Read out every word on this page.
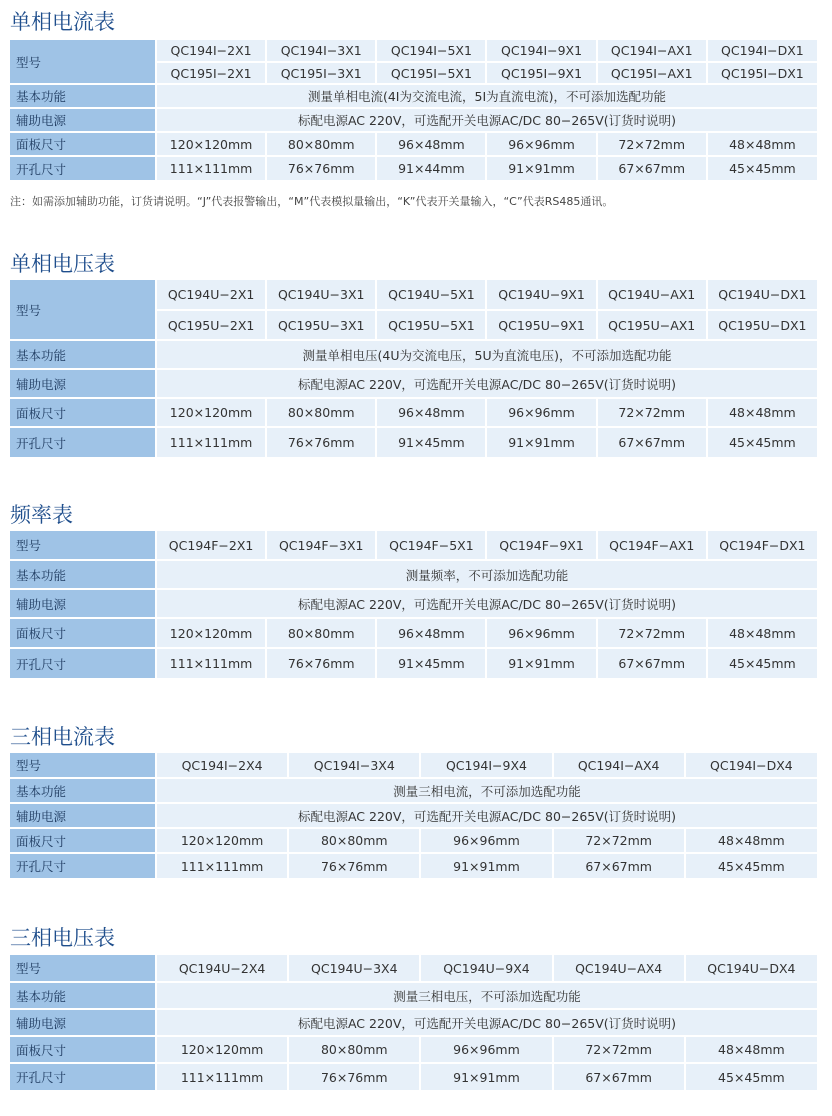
单相电流表
型号	QC194I−2X1	QC194I−3X1	QC194I−5X1	QC194I−9X1	QC194I−AX1	QC194I−DX1
	QC195I−2X1	QC195I−3X1	QC195I−5X1	QC195I−9X1	QC195I−AX1	QC195I−DX1
基本功能	测量单相电流(4I为交流电流，5I为直流电流)，不可添加选配功能					
辅助电源	标配电源AC 220V，可选配开关电源AC/DC 80−265V(订货时说明)					
面板尺寸	120×120mm	80×80mm	96×48mm	96×96mm	72×72mm	48×48mm
开孔尺寸	111×111mm	76×76mm	91×44mm	91×91mm	67×67mm	45×45mm
注：如需添加辅助功能，订货请说明。“J”代表报警输出，“M”代表模拟量输出，“K”代表开关量输入，“C”代表RS485通讯。
单相电压表
型号	QC194U−2X1	QC194U−3X1	QC194U−5X1	QC194U−9X1	QC194U−AX1	QC194U−DX1
	QC195U−2X1	QC195U−3X1	QC195U−5X1	QC195U−9X1	QC195U−AX1	QC195U−DX1
基本功能	测量单相电压(4U为交流电压，5U为直流电压)，不可添加选配功能					
辅助电源	标配电源AC 220V，可选配开关电源AC/DC 80−265V(订货时说明)					
面板尺寸	120×120mm	80×80mm	96×48mm	96×96mm	72×72mm	48×48mm
开孔尺寸	111×111mm	76×76mm	91×45mm	91×91mm	67×67mm	45×45mm
频率表
型号	QC194F−2X1	QC194F−3X1	QC194F−5X1	QC194F−9X1	QC194F−AX1	QC194F−DX1
基本功能	测量频率，不可添加选配功能					
辅助电源	标配电源AC 220V，可选配开关电源AC/DC 80−265V(订货时说明)					
面板尺寸	120×120mm	80×80mm	96×48mm	96×96mm	72×72mm	48×48mm
开孔尺寸	111×111mm	76×76mm	91×45mm	91×91mm	67×67mm	45×45mm
三相电流表
型号	QC194I−2X4	QC194I−3X4	QC194I−9X4	QC194I−AX4	QC194I−DX4
基本功能	测量三相电流，不可添加选配功能				
辅助电源	标配电源AC 220V，可选配开关电源AC/DC 80−265V(订货时说明)				
面板尺寸	120×120mm	80×80mm	96×96mm	72×72mm	48×48mm
开孔尺寸	111×111mm	76×76mm	91×91mm	67×67mm	45×45mm
三相电压表
型号	QC194U−2X4	QC194U−3X4	QC194U−9X4	QC194U−AX4	QC194U−DX4
基本功能	测量三相电压，不可添加选配功能				
辅助电源	标配电源AC 220V，可选配开关电源AC/DC 80−265V(订货时说明)				
面板尺寸	120×120mm	80×80mm	96×96mm	72×72mm	48×48mm
开孔尺寸	111×111mm	76×76mm	91×91mm	67×67mm	45×45mm
